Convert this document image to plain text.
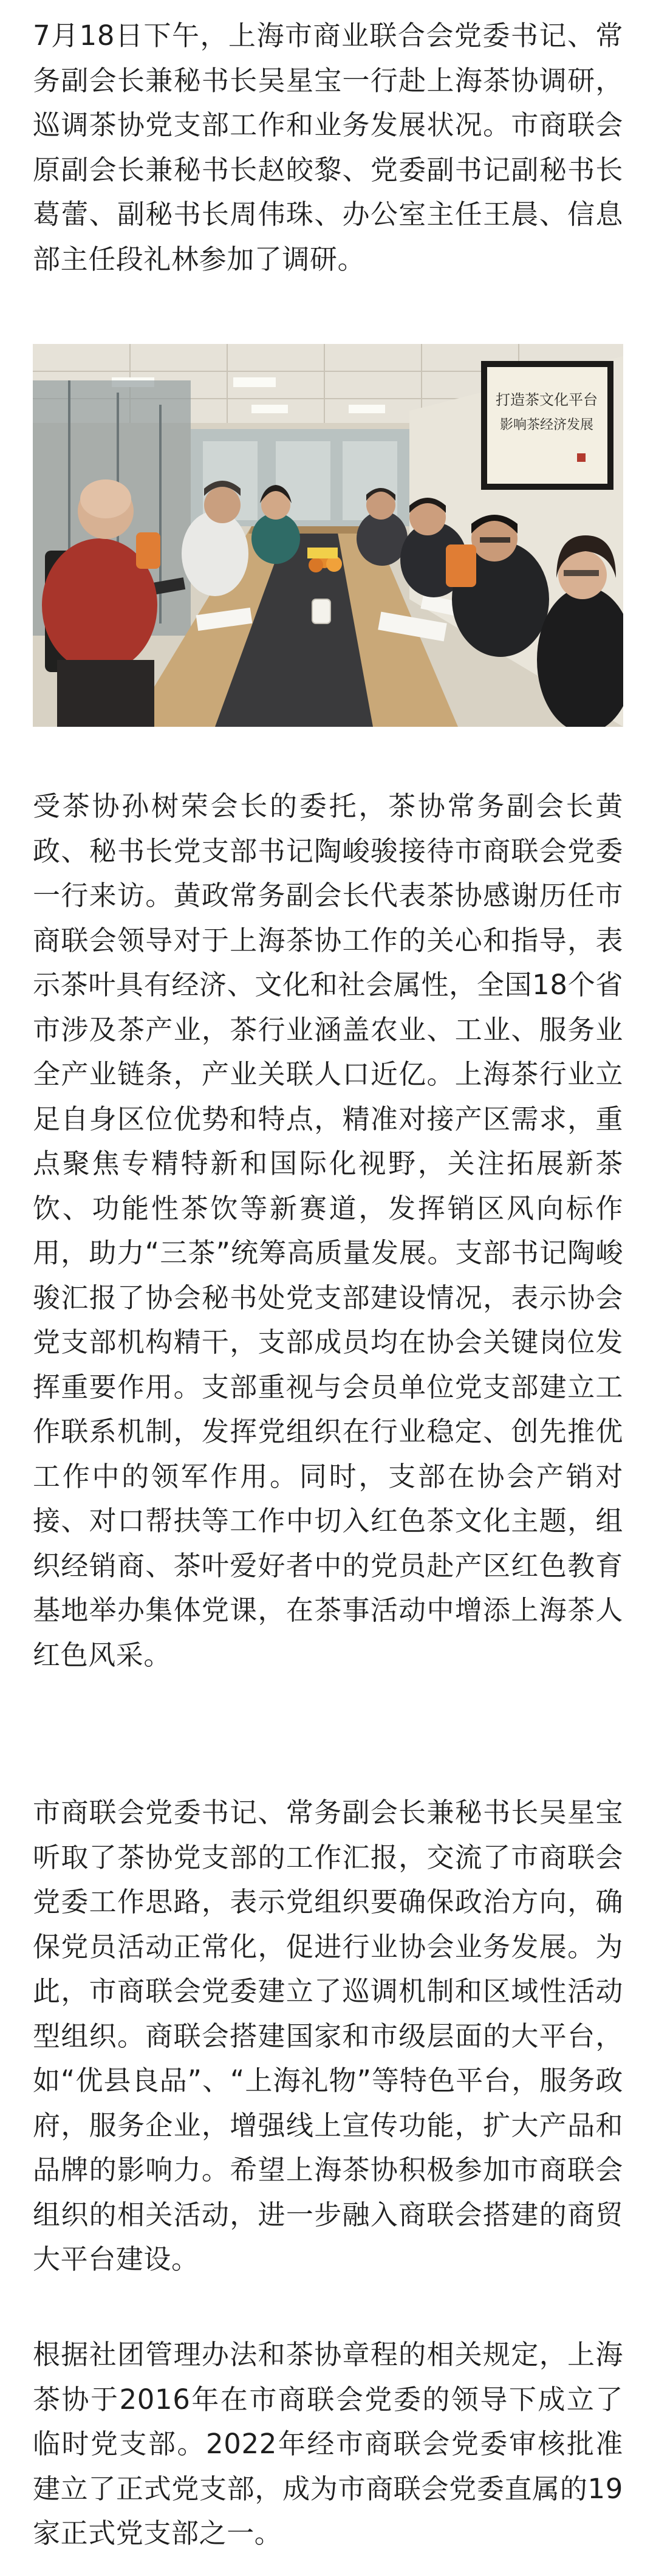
7月18日下午，上海市商业联合会党委书记、常务副会长兼秘书长吴星宝一行赴上海茶协调研，巡调茶协党支部工作和业务发展状况。市商联会原副会长兼秘书长赵皎黎、党委副书记副秘书长葛蕾、副秘书长周伟珠、办公室主任王晨、信息部主任段礼林参加了调研。

打造茶文化平台
影响茶经济发展

受茶协孙树荣会长的委托，茶协常务副会长黄政、秘书长党支部书记陶峻骏接待市商联会党委一行来访。黄政常务副会长代表茶协感谢历任市商联会领导对于上海茶协工作的关心和指导，表示茶叶具有经济、文化和社会属性，全国18个省市涉及茶产业，茶行业涵盖农业、工业、服务业全产业链条，产业关联人口近亿。上海茶行业立足自身区位优势和特点，精准对接产区需求，重点聚焦专精特新和国际化视野，关注拓展新茶饮、功能性茶饮等新赛道，发挥销区风向标作用，助力“三茶”统筹高质量发展。支部书记陶峻骏汇报了协会秘书处党支部建设情况，表示协会党支部机构精干，支部成员均在协会关键岗位发挥重要作用。支部重视与会员单位党支部建立工作联系机制，发挥党组织在行业稳定、创先推优工作中的领军作用。同时，支部在协会产销对接、对口帮扶等工作中切入红色茶文化主题，组织经销商、茶叶爱好者中的党员赴产区红色教育基地举办集体党课，在茶事活动中增添上海茶人红色风采。

市商联会党委书记、常务副会长兼秘书长吴星宝听取了茶协党支部的工作汇报，交流了市商联会党委工作思路，表示党组织要确保政治方向，确保党员活动正常化，促进行业协会业务发展。为此，市商联会党委建立了巡调机制和区域性活动型组织。商联会搭建国家和市级层面的大平台，如“优县良品”、“上海礼物”等特色平台，服务政府，服务企业，增强线上宣传功能，扩大产品和品牌的影响力。希望上海茶协积极参加市商联会组织的相关活动，进一步融入商联会搭建的商贸大平台建设。

根据社团管理办法和茶协章程的相关规定，上海茶协于2016年在市商联会党委的领导下成立了临时党支部。2022年经市商联会党委审核批准建立了正式党支部，成为市商联会党委直属的19家正式党支部之一。
